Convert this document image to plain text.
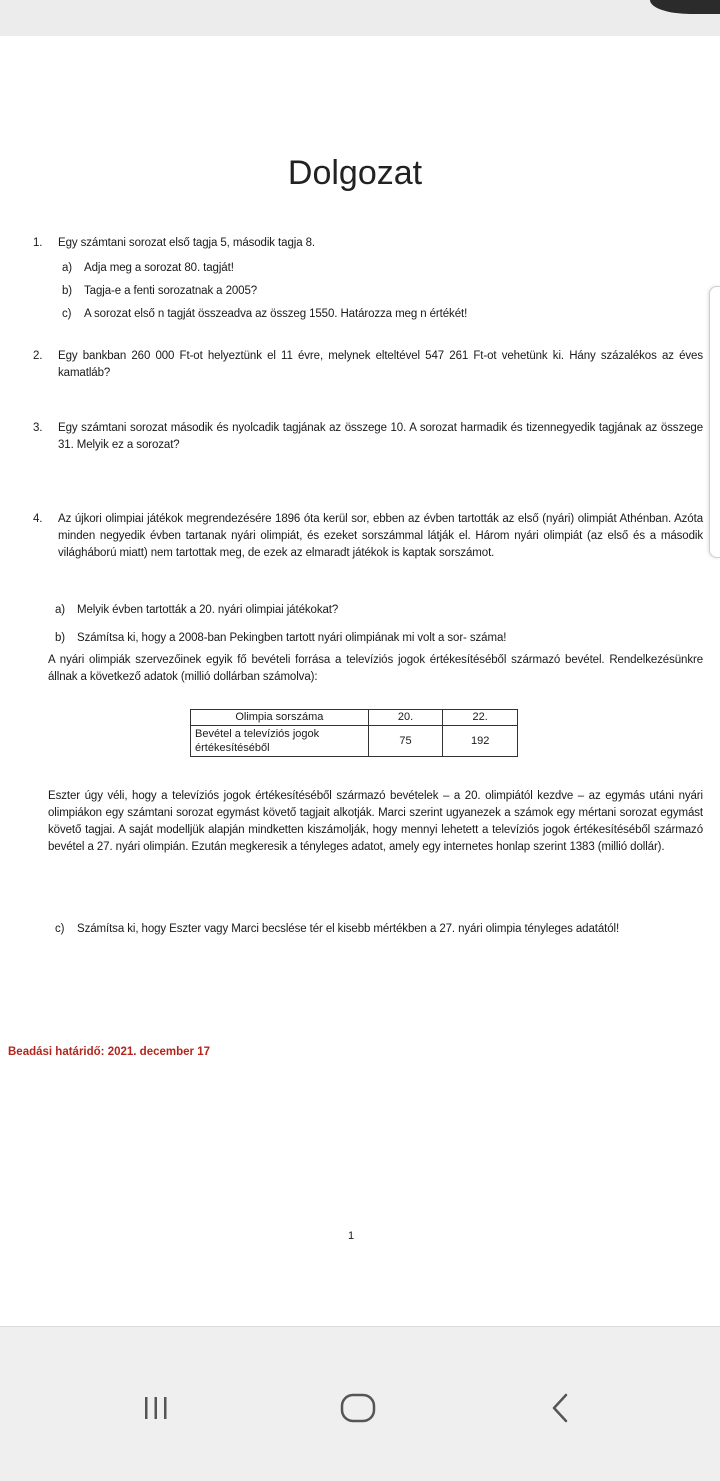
Dolgozat
1. Egy számtani sorozat első tagja 5, második tagja 8.
a) Adja meg a sorozat 80. tagját!
b) Tagja-e a fenti sorozatnak a 2005?
c) A sorozat első n tagját összeadva az összeg 1550. Határozza meg n értékét!
2. Egy bankban 260 000 Ft-ot helyeztünk el 11 évre, melynek elteltével 547 261 Ft-ot vehetünk ki. Hány százalékos az éves kamatláb?
3. Egy számtani sorozat második és nyolcadik tagjának az összege 10. A sorozat harmadik és tizennegyedik tagjának az összege 31. Melyik ez a sorozat?
4. Az újkori olimpiai játékok megrendezésére 1896 óta kerül sor, ebben az évben tartották az első (nyári) olimpiát Athénban. Azóta minden negyedik évben tartanak nyári olimpiát, és ezeket sorszámmal látják el. Három nyári olimpiát (az első és a második világháború miatt) nem tartottak meg, de ezek az elmaradt játékok is kaptak sorszámot.
a) Melyik évben tartották a 20. nyári olimpiai játékokat?
b) Számítsa ki, hogy a 2008-ban Pekingben tartott nyári olimpiának mi volt a sor- száma!
A nyári olimpiák szervezőinek egyik fő bevételi forrása a televíziós jogok értékesítéséből származó bevétel. Rendelkezésünkre állnak a következő adatok (millió dollárban számolva):
Olimpia sorszáma	20.	22.
Bevétel a televíziós jogok értékesítéséből	75	192
Eszter úgy véli, hogy a televíziós jogok értékesítéséből származó bevételek – a 20. olimpiától kezdve – az egymás utáni nyári olimpiákon egy számtani sorozat egymást követő tagjait alkotják. Marci szerint ugyanezek a számok egy mértani sorozat egymást követő tagjai. A saját modelljük alapján mindketten kiszámolják, hogy mennyi lehetett a televíziós jogok értékesítéséből származó bevétel a 27. nyári olimpián. Ezután megkeresik a tényleges adatot, amely egy internetes honlap szerint 1383 (millió dollár).
c) Számítsa ki, hogy Eszter vagy Marci becslése tér el kisebb mértékben a 27. nyári olimpia tényleges adatától!
Beadási határidő: 2021. december 17
1
